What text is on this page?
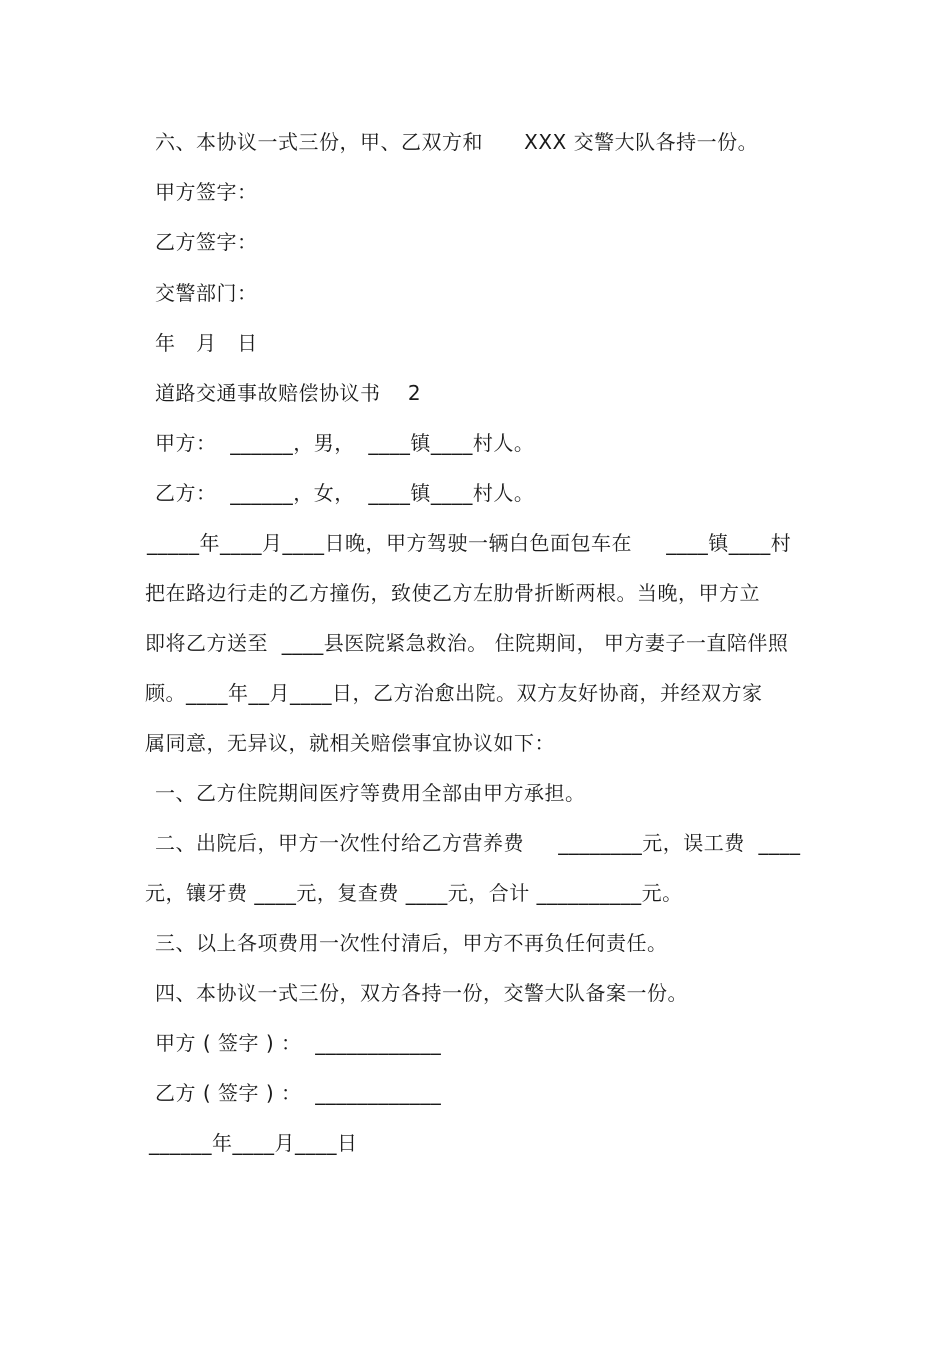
六、本协议一式三份，甲、乙双方和      XXX 交警大队各持一份。
甲方签字：
乙方签字：
交警部门：
年   月   日
道路交通事故赔偿协议书    2
甲方：  ______，男，  ____镇____村人。
乙方：  ______，女，  ____镇____村人。
_____年____月____日晚，甲方驾驶一辆白色面包车在     ____镇____村
把在路边行走的乙方撞伤，致使乙方左肋骨折断两根。当晚，甲方立
即将乙方送至  ____县医院紧急救治。 住院期间， 甲方妻子一直陪伴照
顾。____年__月____日，乙方治愈出院。双方友好协商，并经双方家
属同意，无异议，就相关赔偿事宜协议如下：
一、乙方住院期间医疗等费用全部由甲方承担。
二、出院后，甲方一次性付给乙方营养费     ________元，误工费  ____
元，镶牙费 ____元，复查费 ____元，合计 __________元。
三、以上各项费用一次性付清后，甲方不再负任何责任。
四、本协议一式三份，双方各持一份，交警大队备案一份。
甲方 ( 签字 ) ：  ____________
乙方 ( 签字 ) ：  ____________
______年____月____日
